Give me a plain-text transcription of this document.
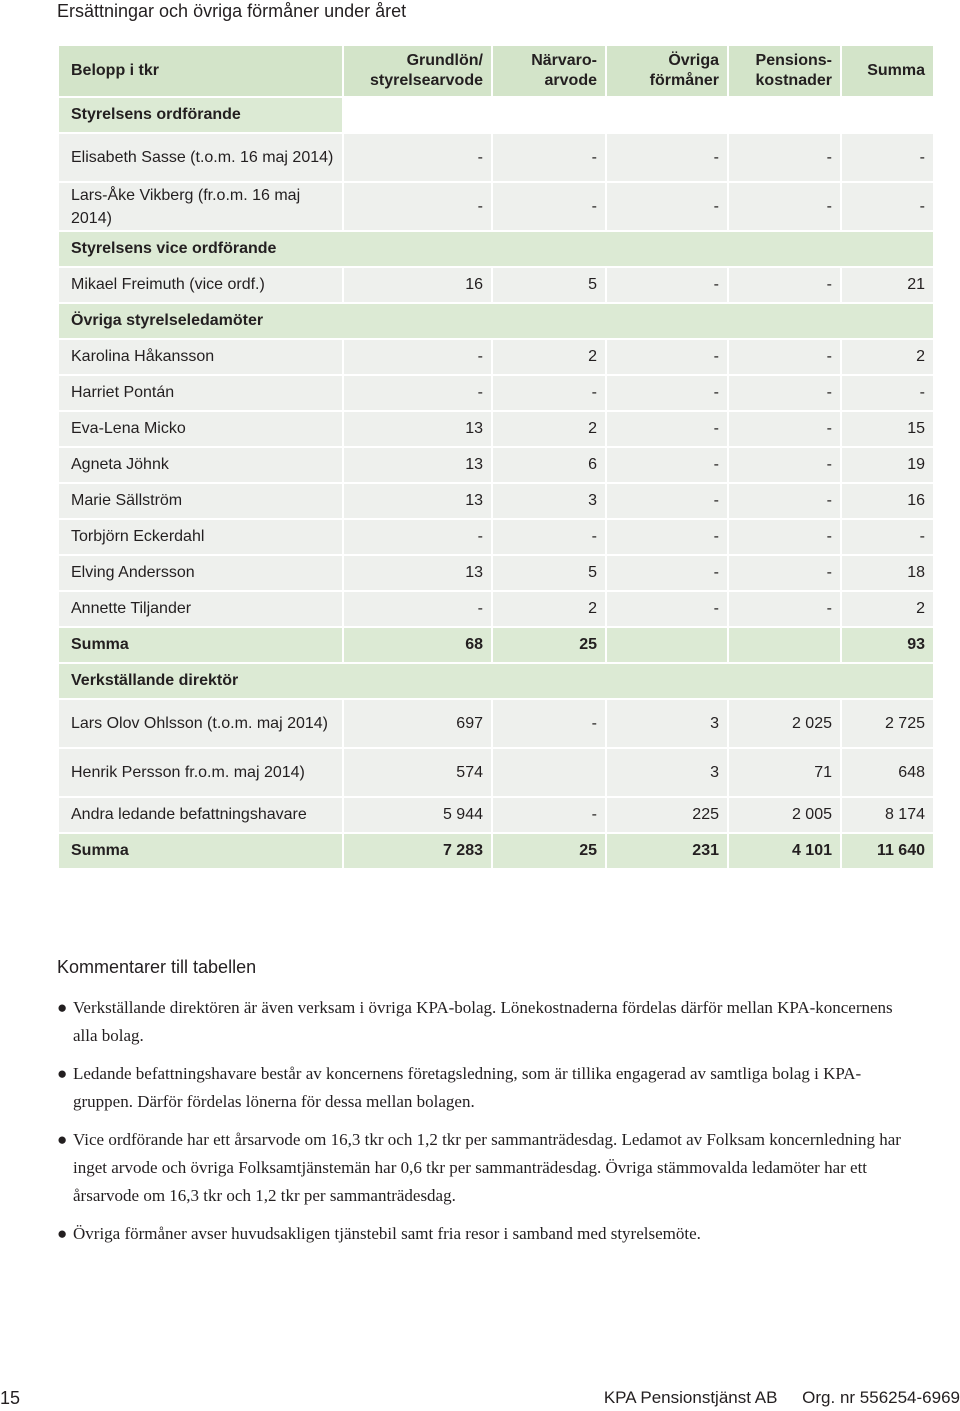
Ersättningar och övriga förmåner under året
Belopp i tkr	Grundlön/ styrelsearvode	Närvaro- arvode	Övriga förmåner	Pensions- kostnader	Summa
Styrelsens ordförande					
Elisabeth Sasse (t.o.m. 16 maj 2014)	-	-	-	-	-
Lars-Åke Vikberg (fr.o.m. 16 maj 2014)	-	-	-	-	-
Styrelsens vice ordförande					
Mikael Freimuth (vice ordf.)	16	5	-	-	21
Övriga styrelseledamöter					
Karolina Håkansson	-	2	-	-	2
Harriet Pontán	-	-	-	-	-
Eva-Lena Micko	13	2	-	-	15
Agneta Jöhnk	13	6	-	-	19
Marie Sällström	13	3	-	-	16
Torbjörn Eckerdahl	-	-	-	-	-
Elving Andersson	13	5	-	-	18
Annette Tiljander	-	2	-	-	2
Summa	68	25			93
Verkställande direktör					
Lars Olov Ohlsson (t.o.m. maj 2014)	697	-	3	2 025	2 725
Henrik Persson fr.o.m. maj 2014)	574		3	71	648
Andra ledande befattningshavare	5 944	-	225	2 005	8 174
Summa	7 283	25	231	4 101	11 640
Kommentarer till tabellen
● Verkställande direktören är även verksam i övriga KPA-bolag. Lönekostnaderna fördelas därför mellan KPA-koncernens alla bolag.
● Ledande befattningshavare består av koncernens företagsledning, som är tillika engagerad av samtliga bolag i KPA-gruppen. Därför fördelas lönerna för dessa mellan bolagen.
● Vice ordförande har ett årsarvode om 16,3 tkr och 1,2 tkr per sammanträdesdag. Ledamot av Folksam koncernledning har inget arvode och övriga Folksamtjänstemän har 0,6 tkr per sammanträdesdag. Övriga stämmovalda ledamöter har ett årsarvode om 16,3 tkr och 1,2 tkr per sammanträdesdag.
● Övriga förmåner avser huvudsakligen tjänstebil samt fria resor i samband med styrelsemöte.
15	KPA Pensionstjänst AB Org. nr 556254-6969
